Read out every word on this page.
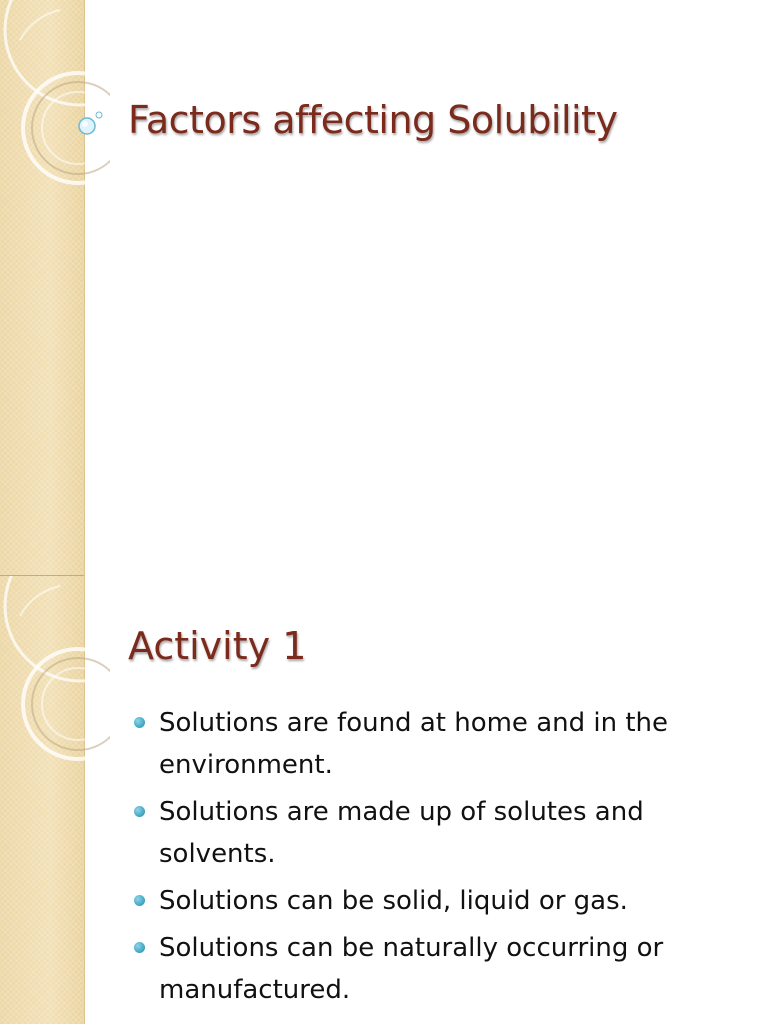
Factors affecting Solubility
Activity 1
Solutions are found at home and in the environment.
Solutions are made up of solutes and solvents.
Solutions can be solid, liquid or gas.
Solutions can be naturally occurring or manufactured.
